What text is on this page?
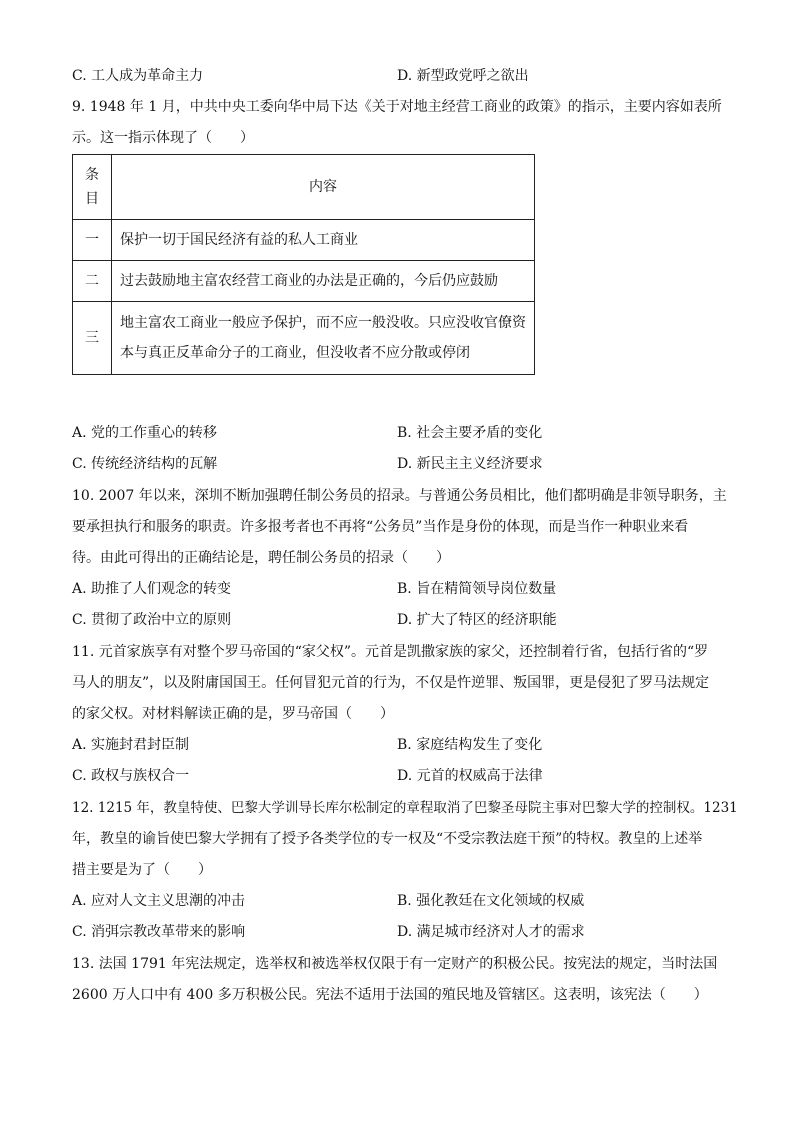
C. 工人成为革命主力	D. 新型政党呼之欲出
9. 1948 年 1 月，中共中央工委向华中局下达《关于对地主经营工商业的政策》的指示，主要内容如表所
示。这一指示体现了（　　）
条目	内容
一	保护一切于国民经济有益的私人工商业
二	过去鼓励地主富农经营工商业的办法是正确的，今后仍应鼓励
三	地主富农工商业一般应予保护，而不应一般没收。只应没收官僚资
本与真正反革命分子的工商业，但没收者不应分散或停闭
A. 党的工作重心的转移	B. 社会主要矛盾的变化
C. 传统经济结构的瓦解	D. 新民主主义经济要求
10. 2007 年以来，深圳不断加强聘任制公务员的招录。与普通公务员相比，他们都明确是非领导职务，主
要承担执行和服务的职责。许多报考者也不再将“公务员”当作是身份的体现，而是当作一种职业来看
待。由此可得出的正确结论是，聘任制公务员的招录（　　）
A. 助推了人们观念的转变	B. 旨在精简领导岗位数量
C. 贯彻了政治中立的原则	D. 扩大了特区的经济职能
11. 元首家族享有对整个罗马帝国的“家父权”。元首是凯撒家族的家父，还控制着行省，包括行省的“罗
马人的朋友”，以及附庸国国王。任何冒犯元首的行为，不仅是忤逆罪、叛国罪，更是侵犯了罗马法规定
的家父权。对材料解读正确的是，罗马帝国（　　）
A. 实施封君封臣制	B. 家庭结构发生了变化
C. 政权与族权合一	D. 元首的权威高于法律
12. 1215 年，教皇特使、巴黎大学训导长库尔松制定的章程取消了巴黎圣母院主事对巴黎大学的控制权。1231
年，教皇的谕旨使巴黎大学拥有了授予各类学位的专一权及“不受宗教法庭干预”的特权。教皇的上述举
措主要是为了（　　）
A. 应对人文主义思潮的冲击	B. 强化教廷在文化领域的权威
C. 消弭宗教改革带来的影响	D. 满足城市经济对人才的需求
13. 法国 1791 年宪法规定，选举权和被选举权仅限于有一定财产的积极公民。按宪法的规定，当时法国
2600 万人口中有 400 多万积极公民。宪法不适用于法国的殖民地及管辖区。这表明，该宪法（　　）
